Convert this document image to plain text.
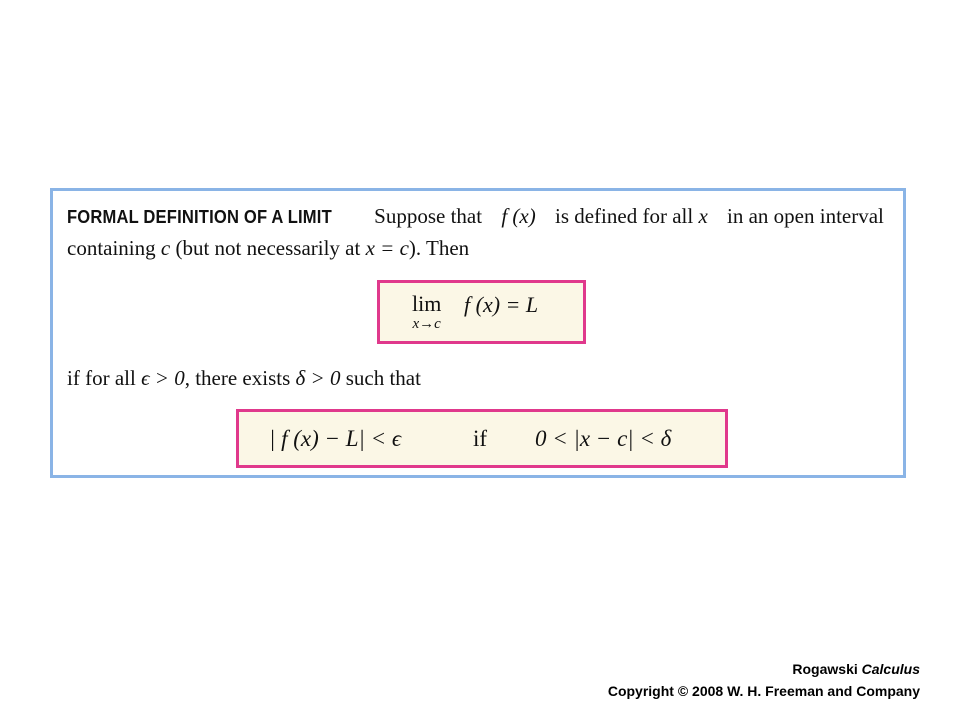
FORMAL DEFINITION OF A LIMIT Suppose that f (x) is defined for all x in an open interval containing c (but not necessarily at x = c). Then
lim
x→c
f (x) = L
if for all ϵ > 0, there exists δ > 0 such that
| f (x) − L| < ϵ	if 0 < |x − c| < δ
Rogawski Calculus
Copyright © 2008 W. H. Freeman and Company
